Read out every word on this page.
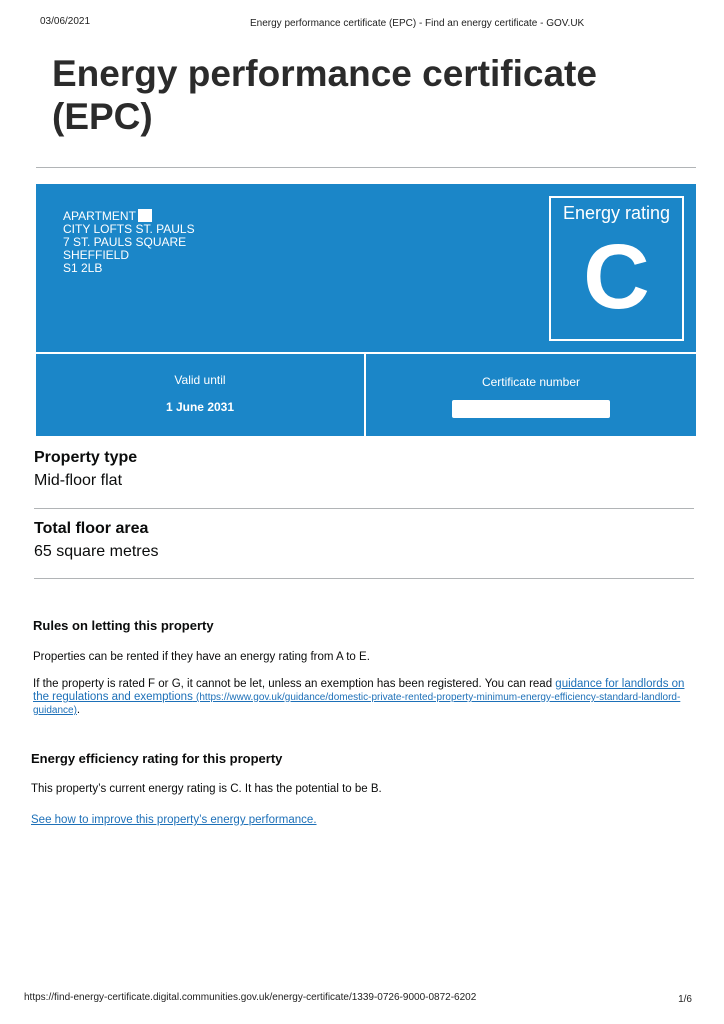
03/06/2021	Energy performance certificate (EPC) - Find an energy certificate - GOV.UK
Energy performance certificate (EPC)
APARTMENT
CITY LOFTS ST. PAULS
7 ST. PAULS SQUARE
SHEFFIELD
S1 2LB
Energy rating
C
Valid until
1 June 2031
Certificate number
Property type
Mid-floor flat
Total floor area
65 square metres
Rules on letting this property
Properties can be rented if they have an energy rating from A to E.
If the property is rated F or G, it cannot be let, unless an exemption has been registered. You can read guidance for landlords on the regulations and exemptions (https://www.gov.uk/guidance/domestic-private-rented-property-minimum-energy-efficiency-standard-landlord-guidance).
Energy efficiency rating for this property
This property’s current energy rating is C. It has the potential to be B.
See how to improve this property’s energy performance.
https://find-energy-certificate.digital.communities.gov.uk/energy-certificate/1339-0726-9000-0872-6202	1/6
